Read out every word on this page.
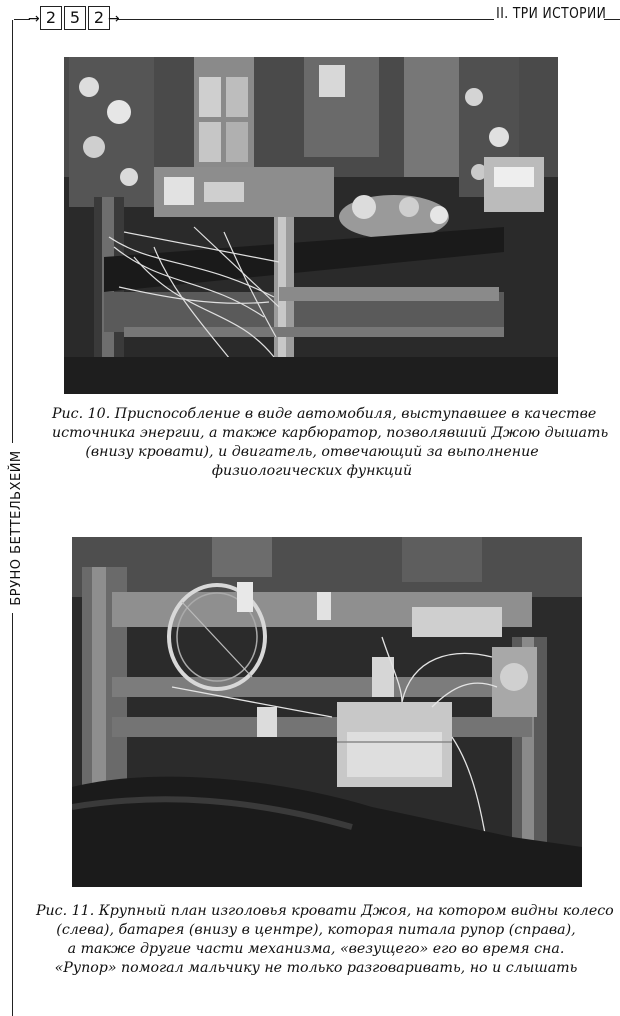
→ 2 5 2 →	II. ТРИ ИСТОРИИ
БРУНО БЕТТЕЛЬХЕЙМ
Рис. 10. Приспособление в виде автомобиля, выступавшее в качестве
источника энергии, а также карбюратор, позволявший Джою дышать
(внизу кровати), и двигатель, отвечающий за выполнение
физиологических функций
Рис. 11. Крупный план изголовья кровати Джоя, на котором видны колесо
(слева), батарея (внизу в центре), которая питала рупор (справа),
а также другие части механизма, «везущего» его во время сна.
«Рупор» помогал мальчику не только разговаривать, но и слышать
